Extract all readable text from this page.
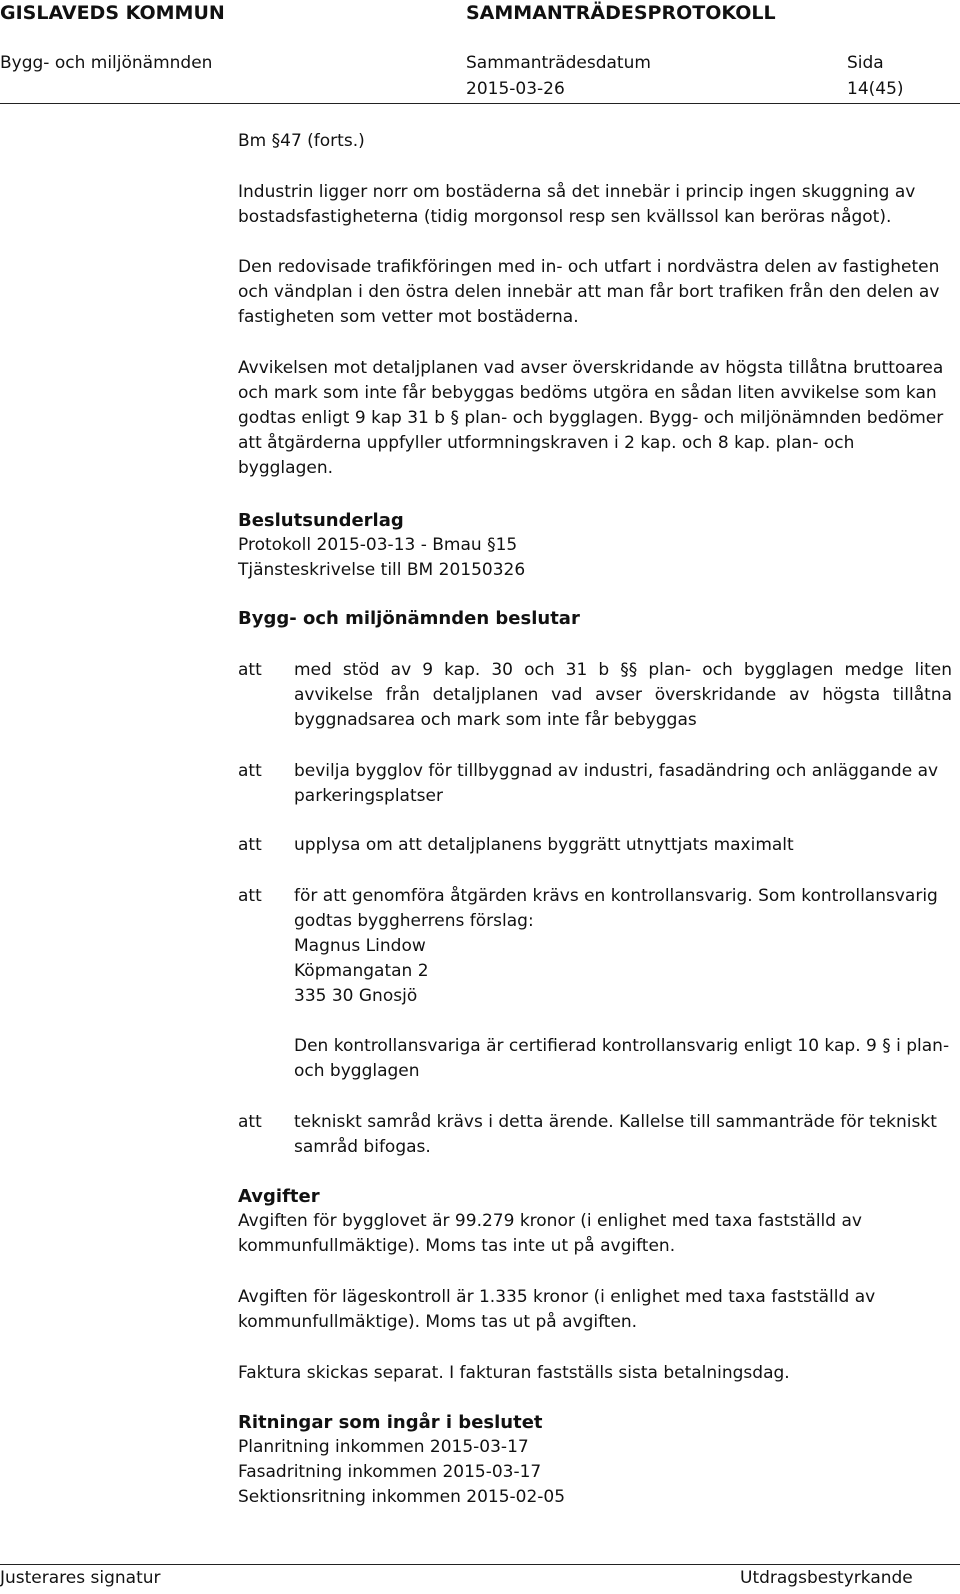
GISLAVEDS KOMMUN	SAMMANTRÄDESPROTOKOLL
Bygg- och miljönämnden	Sammanträdesdatum	Sida
2015-03-26	14(45)
Bm §47 (forts.)

Industrin ligger norr om bostäderna så det innebär i princip ingen skuggning av bostadsfastigheterna (tidig morgonsol resp sen kvällssol kan beröras något).

Den redovisade trafikföringen med in- och utfart i nordvästra delen av fastigheten och vändplan i den östra delen innebär att man får bort trafiken från den delen av fastigheten som vetter mot bostäderna.

Avvikelsen mot detaljplanen vad avser överskridande av högsta tillåtna bruttoarea och mark som inte får bebyggas bedöms utgöra en sådan liten avvikelse som kan godtas enligt 9 kap 31 b § plan- och bygglagen. Bygg- och miljönämnden bedömer att åtgärderna uppfyller utformningskraven i 2 kap. och 8 kap. plan- och bygglagen.

Beslutsunderlag

Protokoll 2015-03-13 - Bmau §15

Tjänsteskrivelse till BM 20150326

Bygg- och miljönämnden beslutar

att	med stöd av 9 kap. 30 och 31 b §§ plan- och bygglagen medge liten avvikelse från detaljplanen vad avser överskridande av högsta tillåtna byggnadsarea och mark som inte får bebyggas

att	bevilja bygglov för tillbyggnad av industri, fasadändring och anläggande av parkeringsplatser

att	upplysa om att detaljplanens byggrätt utnyttjats maximalt

att	för att genomföra åtgärden krävs en kontrollansvarig. Som kontrollansvarig godtas byggherrens förslag:

Magnus Lindow

Köpmangatan 2

335 30 Gnosjö

Den kontrollansvariga är certifierad kontrollansvarig enligt 10 kap. 9 § i plan- och bygglagen

att	tekniskt samråd krävs i detta ärende. Kallelse till sammanträde för tekniskt samråd bifogas.

Avgifter

Avgiften för bygglovet är 99.279 kronor (i enlighet med taxa fastställd av kommunfullmäktige). Moms tas inte ut på avgiften.

Avgiften för lägeskontroll är 1.335 kronor (i enlighet med taxa fastställd av kommunfullmäktige). Moms tas ut på avgiften.

Faktura skickas separat. I fakturan fastställs sista betalningsdag.

Ritningar som ingår i beslutet

Planritning inkommen 2015-03-17

Fasadritning inkommen 2015-03-17

Sektionsritning inkommen 2015-02-05

Justerares signatur	Utdragsbestyrkande
